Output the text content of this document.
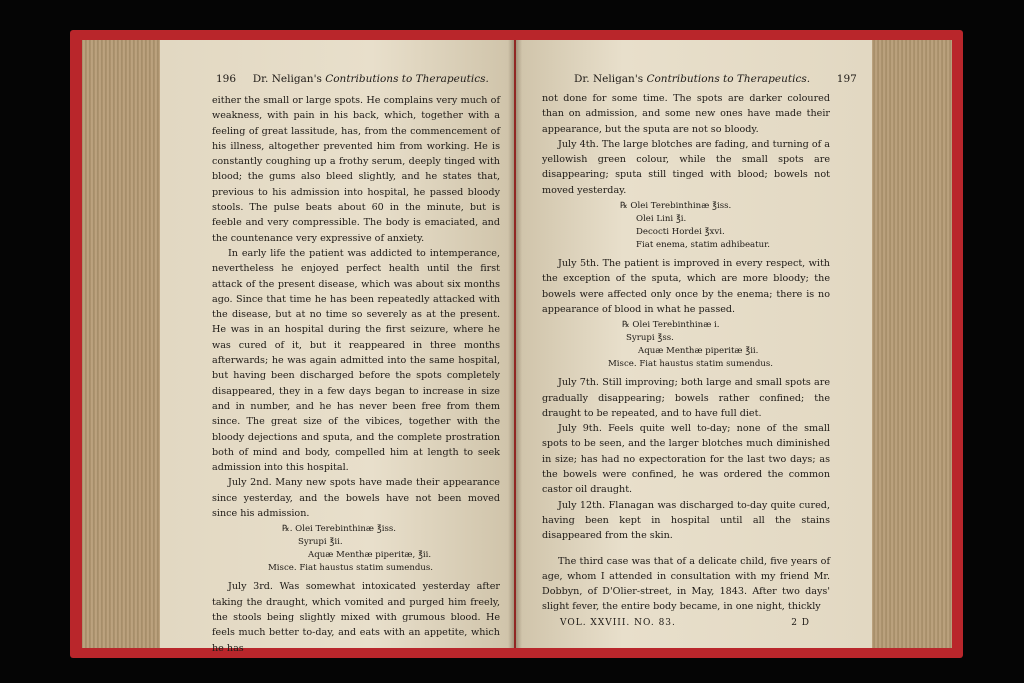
196 Dr. Neligan's Contributions to Therapeutics.

either the small or large spots. He complains very much of weakness, with pain in his back, which, together with a feeling of great lassitude, has, from the commencement of his illness, altogether prevented him from working. He is constantly coughing up a frothy serum, deeply tinged with blood; the gums also bleed slightly, and he states that, previous to his admission into hospital, he passed bloody stools. The pulse beats about 60 in the minute, but is feeble and very compressible. The body is emaciated, and the countenance very expressive of anxiety.

In early life the patient was addicted to intemperance, nevertheless he enjoyed perfect health until the first attack of the present disease, which was about six months ago. Since that time he has been repeatedly attacked with the disease, but at no time so severely as at the present. He was in an hospital during the first seizure, where he was cured of it, but it reappeared in three months afterwards; he was again admitted into the same hospital, but having been discharged before the spots completely disappeared, they in a few days began to increase in size and in number, and he has never been free from them since. The great size of the vibices, together with the bloody dejections and sputa, and the complete prostration both of mind and body, compelled him at length to seek admission into this hospital.

July 2nd. Many new spots have made their appearance since yesterday, and the bowels have not been moved since his admission.

℞. Olei Terebinthinæ ℥iss.
Syrupi ℥ii.
Aquæ Menthæ piperitæ, ℥ii.
Misce. Fiat haustus statim sumendus.

July 3rd. Was somewhat intoxicated yesterday after taking the draught, which vomited and purged him freely, the stools being slightly mixed with grumous blood. He feels much better to-day, and eats with an appetite, which he has

Dr. Neligan's Contributions to Therapeutics.	197

not done for some time. The spots are darker coloured than on admission, and some new ones have made their appearance, but the sputa are not so bloody.

July 4th. The large blotches are fading, and turning of a yellowish green colour, while the small spots are disappearing; sputa still tinged with blood; bowels not moved yesterday.

℞ Olei Terebinthinæ ℥iss.
Olei Lini ℥i.
Decocti Hordei ℥xvi.
Fiat enema, statim adhibeatur.

July 5th. The patient is improved in every respect, with the exception of the sputa, which are more bloody; the bowels were affected only once by the enema; there is no appearance of blood in what he passed.

℞ Olei Terebinthinæ i.
Syrupi ℥ss.
Aquæ Menthæ piperitæ ℥ii.
Misce. Fiat haustus statim sumendus.

July 7th. Still improving; both large and small spots are gradually disappearing; bowels rather confined; the draught to be repeated, and to have full diet.

July 9th. Feels quite well to-day; none of the small spots to be seen, and the larger blotches much diminished in size; has had no expectoration for the last two days; as the bowels were confined, he was ordered the common castor oil draught.

July 12th. Flanagan was discharged to-day quite cured, having been kept in hospital until all the stains disappeared from the skin.

The third case was that of a delicate child, five years of age, whom I attended in consultation with my friend Mr. Dobbyn, of D'Olier-street, in May, 1843. After two days' slight fever, the entire body became, in one night, thickly

VOL. XXVIII. NO. 83.	2 D
